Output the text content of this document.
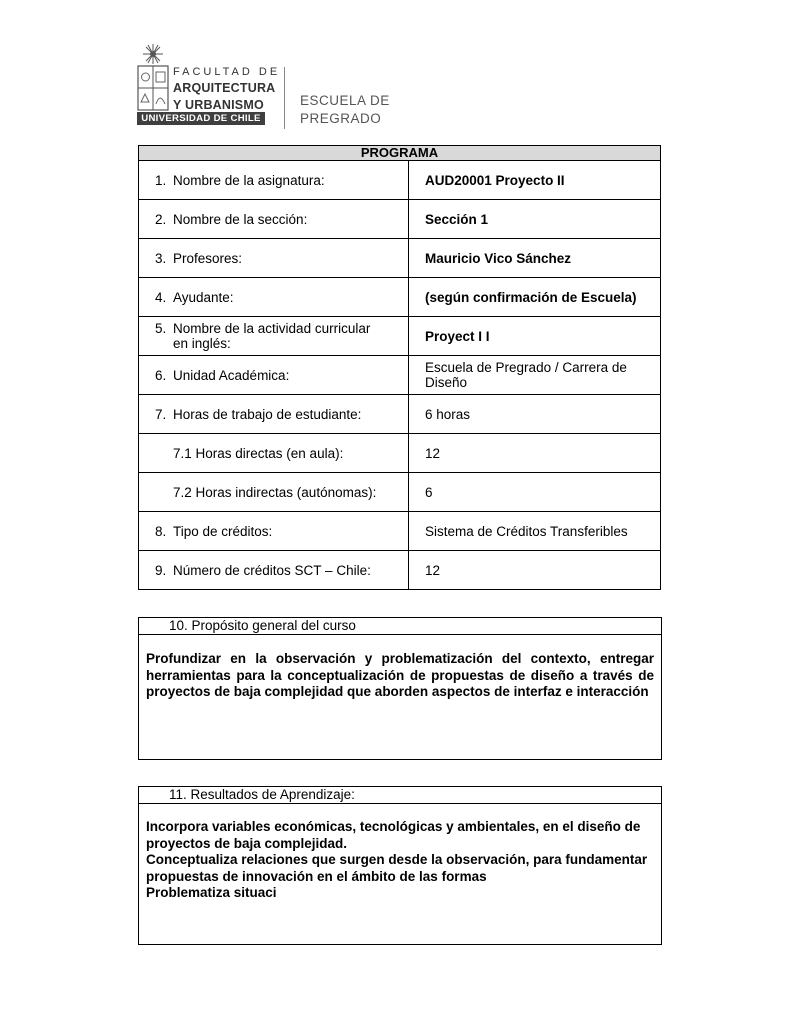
FACULTAD DE
ARQUITECTURA
Y URBANISMO
UNIVERSIDAD DE CHILE
ESCUELA DE
PREGRADO
PROGRAMA	
1. Nombre de la asignatura:	AUD20001 Proyecto II
2. Nombre de la sección:	Sección 1
3. Profesores:	Mauricio Vico Sánchez
4. Ayudante:	(según confirmación de Escuela)
5. Nombre de la actividad curricular
en inglés:	Proyect I I
6. Unidad Académica:	Escuela de Pregrado / Carrera de Diseño
7. Horas de trabajo de estudiante:	6 horas
7.1 Horas directas (en aula):	12
7.2 Horas indirectas (autónomas):	6
8. Tipo de créditos:	Sistema de Créditos Transferibles
9. Número de créditos SCT – Chile:	12
10. Propósito general del curso
Profundizar en la observación y problematización del contexto, entregar herramientas para la conceptualización de propuestas de diseño a través de proyectos de baja complejidad que aborden aspectos de interfaz e interacción
11. Resultados de Aprendizaje:

Incorpora variables económicas, tecnológicas y ambientales, en el diseño de proyectos de baja complejidad.

Conceptualiza relaciones que surgen desde la observación, para fundamentar propuestas de innovación en el ámbito de las formas

Problematiza situaci
